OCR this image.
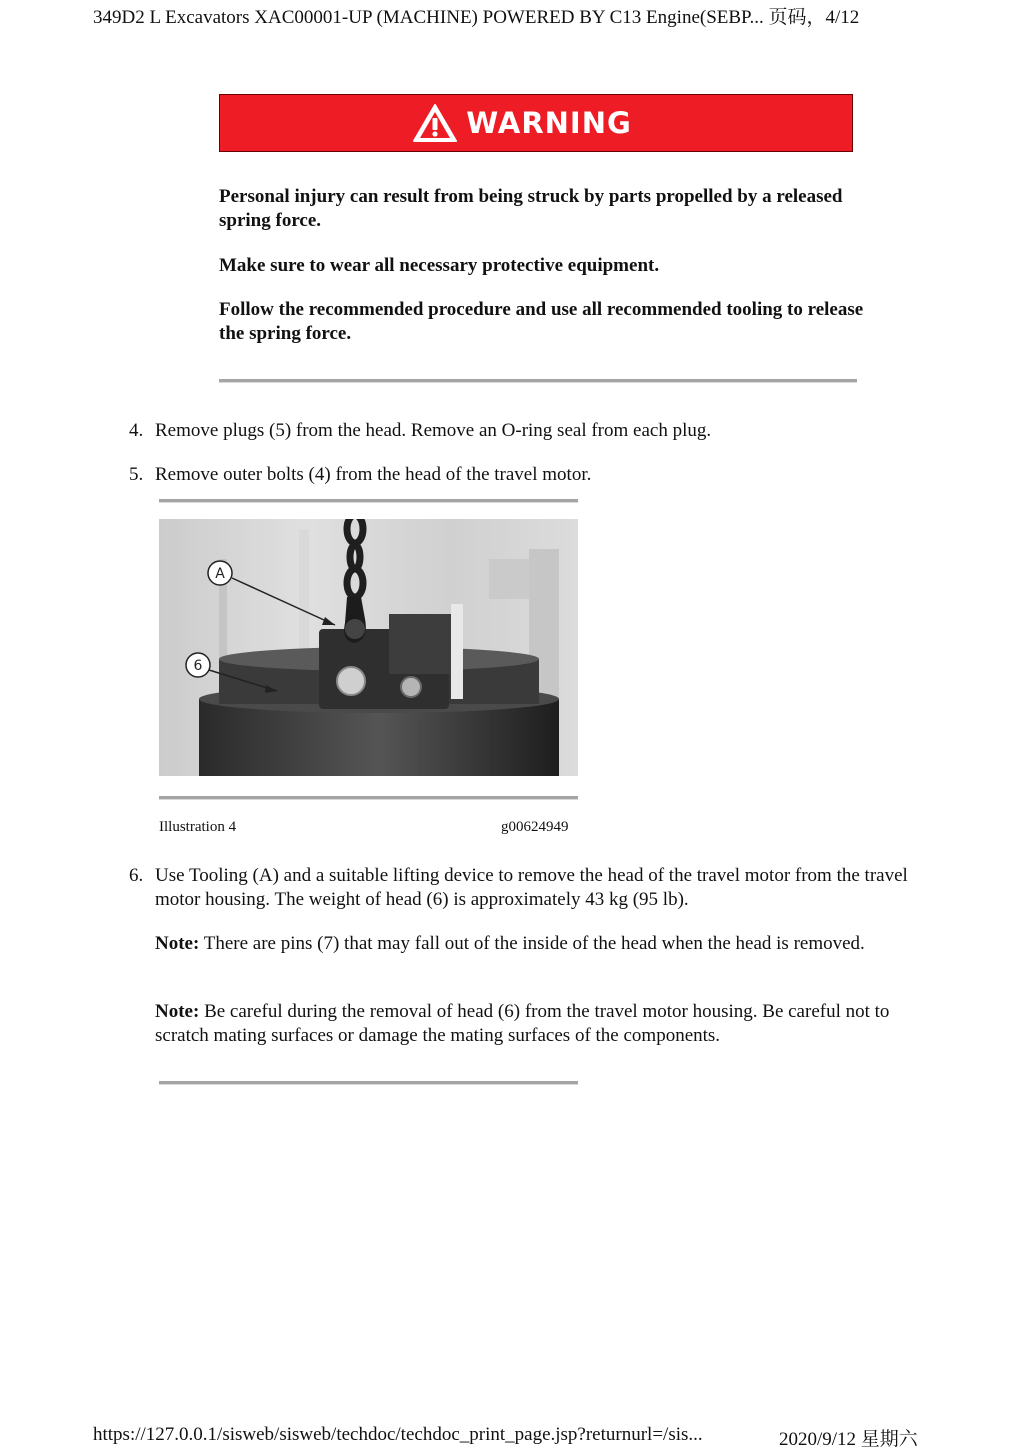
349D2 L Excavators XAC00001-UP (MACHINE) POWERED BY C13 Engine(SEBP... 页码，4/12
WARNING
Personal injury can result from being struck by parts propelled by a released spring force.
Make sure to wear all necessary protective equipment.
Follow the recommended procedure and use all recommended tooling to release the spring force.
4. Remove plugs (5) from the head. Remove an O-ring seal from each plug.
5. Remove outer bolts (4) from the head of the travel motor.
A
6
Illustration 4	g00624949
6. Use Tooling (A) and a suitable lifting device to remove the head of the travel motor from the travel motor housing. The weight of head (6) is approximately 43 kg (95 lb).
Note: There are pins (7) that may fall out of the inside of the head when the head is removed.
Note: Be careful during the removal of head (6) from the travel motor housing. Be careful not to scratch mating surfaces or damage the mating surfaces of the components.
https://127.0.0.1/sisweb/sisweb/techdoc/techdoc_print_page.jsp?returnurl=/sis...	2020/9/12 星期六
